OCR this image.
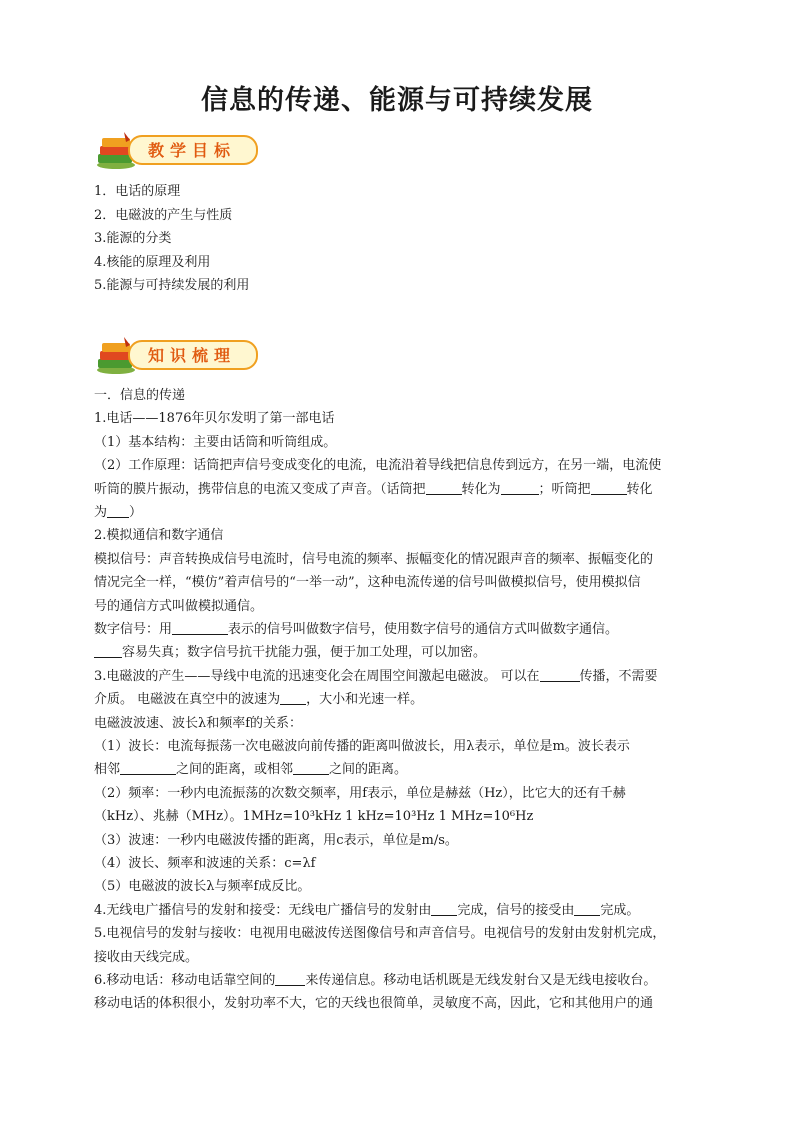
信息的传递、能源与可持续发展
教学目标
1．电话的原理
2．电磁波的产生与性质
3.能源的分类
4.核能的原理及利用
5.能源与可持续发展的利用
知识梳理
一．信息的传递
1.电话——1876年贝尔发明了第一部电话
（1）基本结构：主要由话筒和听筒组成。
（2）工作原理：话筒把声信号变成变化的电流，电流沿着导线把信息传到远方，在另一端，电流使
听筒的膜片振动，携带信息的电流又变成了声音。（话筒把	转化为	；听筒把	转化
为 ）
2.模拟通信和数字通信
模拟信号：声音转换成信号电流时，信号电流的频率、振幅变化的情况跟声音的频率、振幅变化的
情况完全一样，“模仿”着声信号的“一举一动”，这种电流传递的信号叫做模拟信号，使用模拟信
号的通信方式叫做模拟通信。
数字信号：用	表示的信号叫做数字信号，使用数字信号的通信方式叫做数字通信。
容易失真；数字信号抗干扰能力强，便于加工处理，可以加密。
3.电磁波的产生——导线中电流的迅速变化会在周围空间激起电磁波。 可以在	传播，不需要
介质。 电磁波在真空中的波速为 ，大小和光速一样。
电磁波波速、波长λ和频率f的关系：
（1）波长：电流每振荡一次电磁波向前传播的距离叫做波长，用λ表示，单位是m。波长表示
相邻	之间的距离，或相邻	之间的距离。
（2）频率：一秒内电流振荡的次数交频率，用f表示，单位是赫兹（Hz），比它大的还有千赫
（kHz）、兆赫（MHz）。1MHz=10³kHz 1 kHz=10³Hz 1 MHz=10⁶Hz
（3）波速：一秒内电磁波传播的距离，用c表示，单位是m/s。
（4）波长、频率和波速的关系：c=λf
（5）电磁波的波长λ与频率f成反比。
4.无线电广播信号的发射和接受：无线电广播信号的发射由 完成，信号的接受由 完成。
5.电视信号的发射与接收：电视用电磁波传送图像信号和声音信号。电视信号的发射由发射机完成，
接收由天线完成。
6.移动电话：移动电话靠空间的 来传递信息。移动电话机既是无线发射台又是无线电接收台。
移动电话的体积很小，发射功率不大，它的天线也很简单，灵敏度不高，因此，它和其他用户的通
